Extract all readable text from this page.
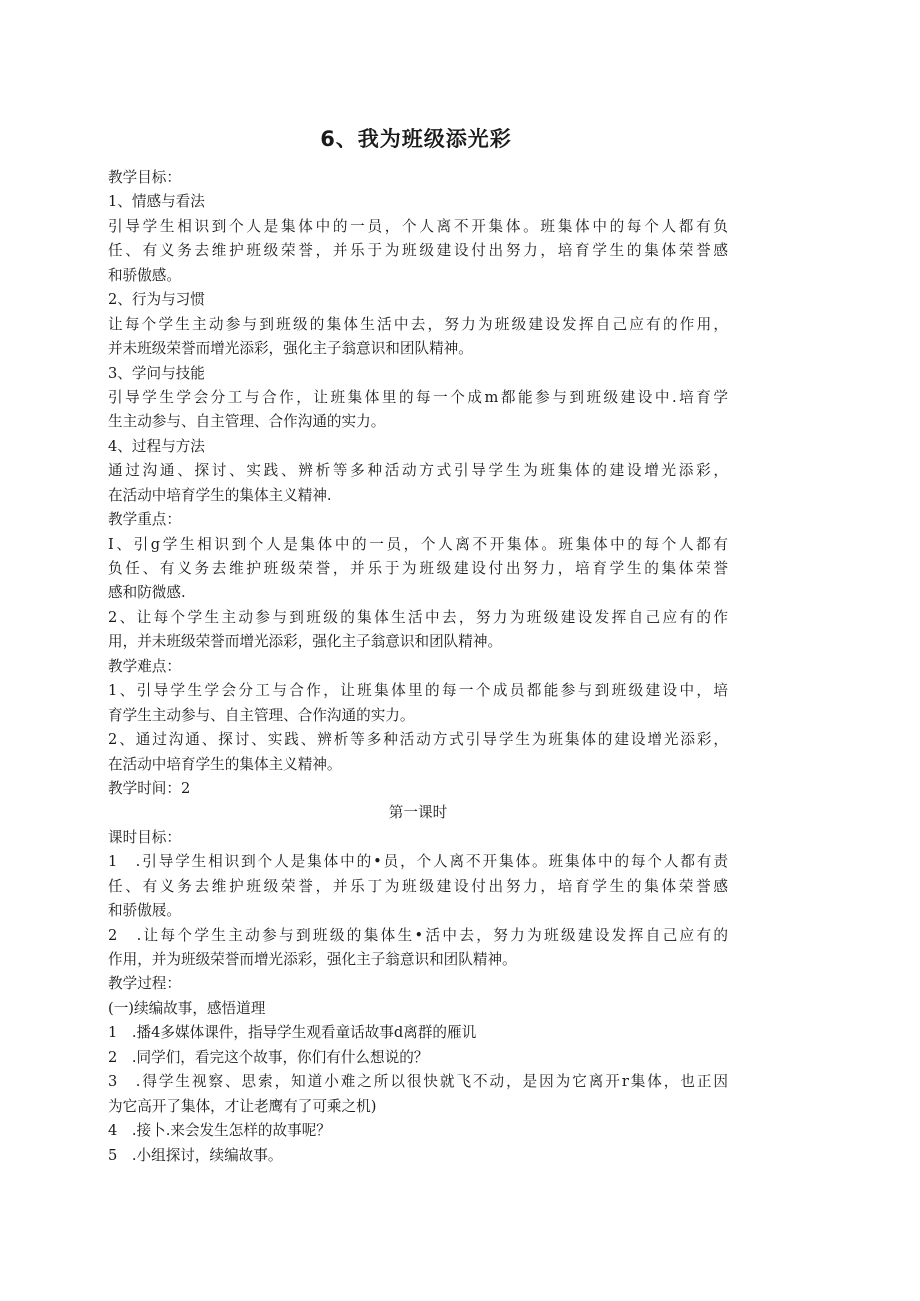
6、我为班级添光彩

教学目标：

1、情感与看法

引导学生相识到个人是集体中的一员，个人离不开集体。班集体中的每个人都有负

任、有义务去维护班级荣誉，并乐于为班级建设付出努力，培育学生的集体荣誉感

和骄傲感。

2、行为与习惯

让每个学生主动参与到班级的集体生活中去，努力为班级建设发挥自己应有的作用，

并未班级荣誉而增光添彩，强化主子翁意识和团队精神。

3、学问与技能

引导学生学会分工与合作，让班集体里的每一个成m都能参与到班级建设中.培育学

生主动参与、自主管理、合作沟通的实力。

4、过程与方法

通过沟通、探讨、实践、辨析等多种活动方式引导学生为班集体的建设增光添彩，

在活动中培育学生的集体主义精神.

教学重点：

I、引g学生相识到个人是集体中的一员，个人离不开集体。班集体中的每个人都有

负任、有义务去维护班级荣誉，并乐于为班级建设付出努力，培育学生的集体荣誉

感和防微感.

2、让每个学生主动参与到班级的集体生活中去，努力为班级建设发挥自己应有的作

用，并未班级荣誉而增光添彩，强化主子翁意识和团队精神。

教学难点：

1、引导学生学会分工与合作，让班集体里的每一个成员都能参与到班级建设中，培

育学生主动参与、自主管理、合作沟通的实力。

2、通过沟通、探讨、实践、辨析等多种活动方式引导学生为班集体的建设增光添彩，

在活动中培育学生的集体主义精神。

教学时间：2

第一课时

课时目标：

1　.引导学生相识到个人是集体中的•员，个人离不开集体。班集体中的每个人都有责

任、有义务去维护班级荣誉，并乐丁为班级建设付出努力，培育学生的集体荣誉感

和骄傲屐。

2　.让每个学生主动参与到班级的集体生•活中去，努力为班级建设发挥自己应有的

作用，并为班级荣誉而增光添彩，强化主子翁意识和团队精神。

教学过程：

(一)续编故事，感悟道理

1　.播4多媒体课件，指导学生观看童话故事d离群的雁讥

2　.同学们，看完这个故事，你们有什么想说的？

3　.得学生视察、思索，知道小难之所以很快就飞不动，是因为它离开r集体，也正因

为它高开了集体，才让老鹰有了可乘之机)

4　.接卜.来会发生怎样的故事呢？

5　.小组探讨，续编故事。
